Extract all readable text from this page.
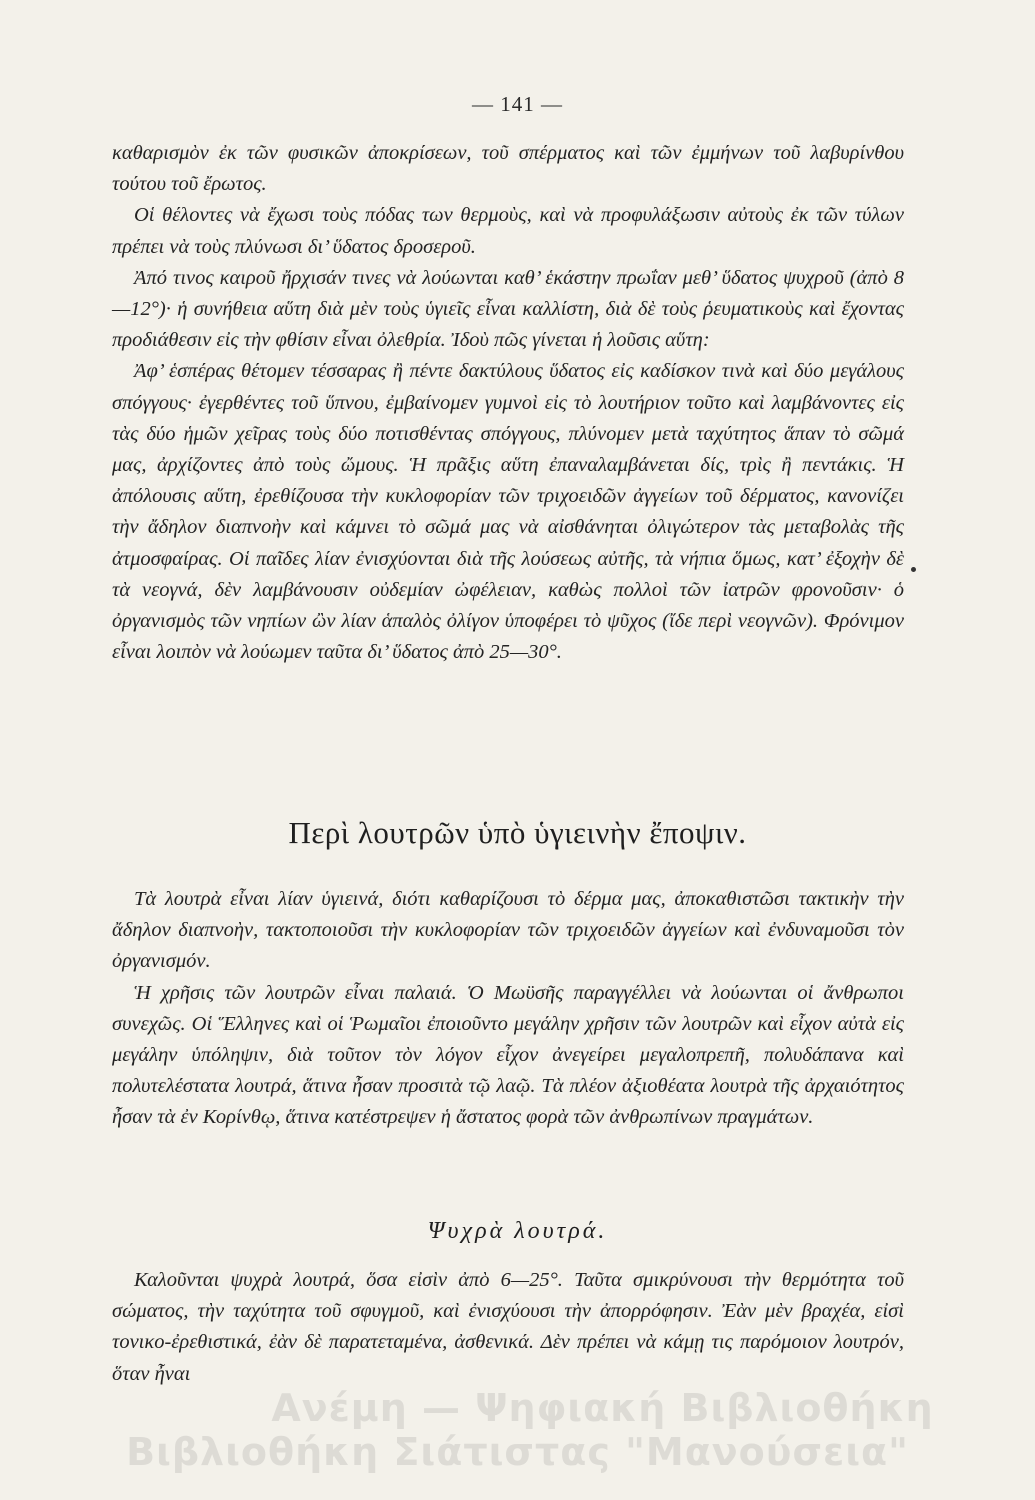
— 141 —

καθαρισμὸν ἐκ τῶν φυσικῶν ἀποκρίσεων, τοῦ σπέρματος καὶ τῶν ἐμμήνων τοῦ λαβυρίνθου τούτου τοῦ ἔρωτος.

Οἱ θέλοντες νὰ ἔχωσι τοὺς πόδας των θερμοὺς, καὶ νὰ προφυλάξωσιν αὐτοὺς ἐκ τῶν τύλων πρέπει νὰ τοὺς πλύνωσι δι’ ὕδατος δροσεροῦ.

Ἀπό τινος καιροῦ ἤρχισάν τινες νὰ λούωνται καθ’ ἑκάστην πρωΐαν μεθ’ ὕδατος ψυχροῦ (ἀπὸ 8—12°)· ἡ συνήθεια αὕτη διὰ μὲν τοὺς ὑγιεῖς εἶναι καλλίστη, διὰ δὲ τοὺς ῥευματικοὺς καὶ ἔχοντας προδιάθεσιν εἰς τὴν φθίσιν εἶναι ὀλεθρία. Ἰδοὺ πῶς γίνεται ἡ λοῦσις αὕτη:

Ἀφ’ ἑσπέρας θέτομεν τέσσαρας ἢ πέντε δακτύλους ὕδατος εἰς καδίσκον τινὰ καὶ δύο μεγάλους σπόγγους· ἐγερθέντες τοῦ ὕπνου, ἐμβαίνομεν γυμνοὶ εἰς τὸ λουτήριον τοῦτο καὶ λαμβάνοντες εἰς τὰς δύο ἡμῶν χεῖρας τοὺς δύο ποτισθέντας σπόγγους, πλύνομεν μετὰ ταχύτητος ἅπαν τὸ σῶμά μας, ἀρχίζοντες ἀπὸ τοὺς ὤμους. Ἡ πρᾶξις αὕτη ἐπαναλαμβάνεται δίς, τρὶς ἢ πεντάκις. Ἡ ἀπόλουσις αὕτη, ἐρεθίζουσα τὴν κυκλοφορίαν τῶν τριχοειδῶν ἀγγείων τοῦ δέρματος, κανονίζει τὴν ἄδηλον διαπνοὴν καὶ κάμνει τὸ σῶμά μας νὰ αἰσθάνηται ὀλιγώτερον τὰς μεταβολὰς τῆς ἀτμοσφαίρας. Οἱ παῖδες λίαν ἐνισχύονται διὰ τῆς λούσεως αὐτῆς, τὰ νήπια ὅμως, κατ’ ἐξοχὴν δὲ τὰ νεογνά, δὲν λαμβάνουσιν οὐδεμίαν ὠφέλειαν, καθὼς πολλοὶ τῶν ἰατρῶν φρονοῦσιν· ὁ ὀργανισμὸς τῶν νηπίων ὢν λίαν ἁπαλὸς ὀλίγον ὑποφέρει τὸ ψῦχος (ἴδε περὶ νεογνῶν). Φρόνιμον εἶναι λοιπὸν νὰ λούωμεν ταῦτα δι’ ὕδατος ἀπὸ 25—30°.

Περὶ λουτρῶν ὑπὸ ὑγιεινὴν ἔποψιν.

Τὰ λουτρὰ εἶναι λίαν ὑγιεινά, διότι καθαρίζουσι τὸ δέρμα μας, ἀποκαθιστῶσι τακτικὴν τὴν ἄδηλον διαπνοὴν, τακτοποιοῦσι τὴν κυκλοφορίαν τῶν τριχοειδῶν ἀγγείων καὶ ἐνδυναμοῦσι τὸν ὀργανισμόν.

Ἡ χρῆσις τῶν λουτρῶν εἶναι παλαιά. Ὁ Μωϋσῆς παραγγέλλει νὰ λούωνται οἱ ἄνθρωποι συνεχῶς. Οἱ Ἕλληνες καὶ οἱ Ῥωμαῖοι ἐποιοῦντο μεγάλην χρῆσιν τῶν λουτρῶν καὶ εἶχον αὐτὰ εἰς μεγάλην ὑπόληψιν, διὰ τοῦτον τὸν λόγον εἶχον ἀνεγείρει μεγαλοπρεπῆ, πολυδάπανα καὶ πολυτελέστατα λουτρά, ἅτινα ἦσαν προσιτὰ τῷ λαῷ. Τὰ πλέον ἀξιοθέατα λουτρὰ τῆς ἀρχαιότητος ἦσαν τὰ ἐν Κορίνθῳ, ἅτινα κατέστρεψεν ἡ ἄστατος φορὰ τῶν ἀνθρωπίνων πραγμάτων.

Ψυχρὰ λουτρά.

Καλοῦνται ψυχρὰ λουτρά, ὅσα εἰσὶν ἀπὸ 6—25°. Ταῦτα σμικρύνουσι τὴν θερμότητα τοῦ σώματος, τὴν ταχύτητα τοῦ σφυγμοῦ, καὶ ἐνισχύουσι τὴν ἀπορρόφησιν. Ἐὰν μὲν βραχέα, εἰσὶ τονικο-ἐρεθιστικά, ἐὰν δὲ παρατεταμένα, ἀσθενικά. Δὲν πρέπει νὰ κάμῃ τις παρόμοιον λουτρόν, ὅταν ἦναι

Ανέμη — Ψηφιακή Βιβλιοθήκη
Βιβλιοθήκη Σιάτιστας "Μανούσεια"
